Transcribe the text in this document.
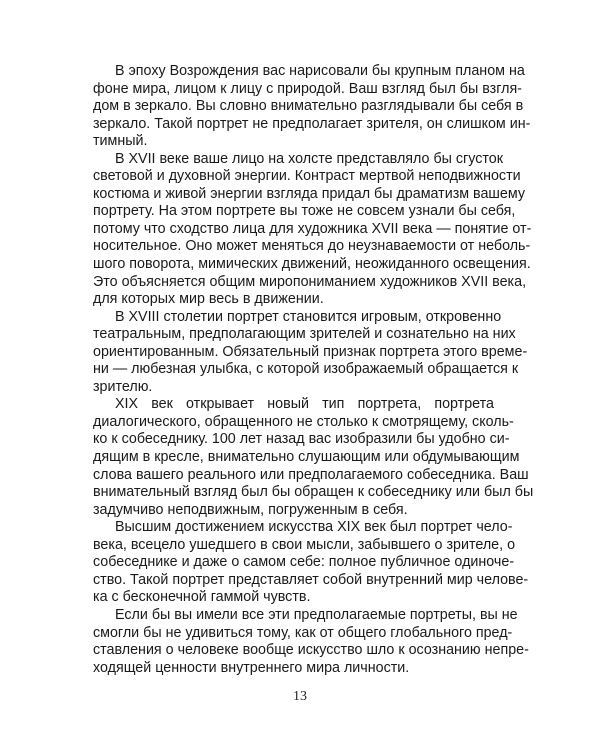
В эпоху Возрождения вас нарисовали бы крупным планом на
фоне мира, лицом к лицу с природой. Ваш взгляд был бы взгля-
дом в зеркало. Вы словно внимательно разглядывали бы себя в
зеркало. Такой портрет не предполагает зрителя, он слишком ин-
тимный.
В XVII веке ваше лицо на холсте представляло бы сгусток
световой и духовной энергии. Контраст мертвой неподвижности
костюма и живой энергии взгляда придал бы драматизм вашему
портрету. На этом портрете вы тоже не совсем узнали бы себя,
потому что сходство лица для художника XVII века — понятие от-
носительное. Оно может меняться до неузнаваемости от неболь-
шого поворота, мимических движений, неожиданного освещения.
Это объясняется общим миропониманием художников XVII века,
для которых мир весь в движении.
В XVIII столетии портрет становится игровым, откровенно
театральным, предполагающим зрителей и сознательно на них
ориентированным. Обязательный признак портрета этого време-
ни — любезная улыбка, с которой изображаемый обращается к
зрителю.
XIX век открывает новый тип портрета, портрета
диалогического, обращенного не столько к смотрящему, сколь-
ко к собеседнику. 100 лет назад вас изобразили бы удобно си-
дящим в кресле, внимательно слушающим или обдумывающим
слова вашего реального или предполагаемого собеседника. Ваш
внимательный взгляд был бы обращен к собеседнику или был бы
задумчиво неподвижным, погруженным в себя.
Высшим достижением искусства XIX век был портрет чело-
века, всецело ушедшего в свои мысли, забывшего о зрителе, о
собеседнике и даже о самом себе: полное публичное одиноче-
ство. Такой портрет представляет собой внутренний мир челове-
ка с бесконечной гаммой чувств.
Если бы вы имели все эти предполагаемые портреты, вы не
смогли бы не удивиться тому, как от общего глобального пред-
ставления о человеке вообще искусство шло к осознанию непре-
ходящей ценности внутреннего мира личности.
13
